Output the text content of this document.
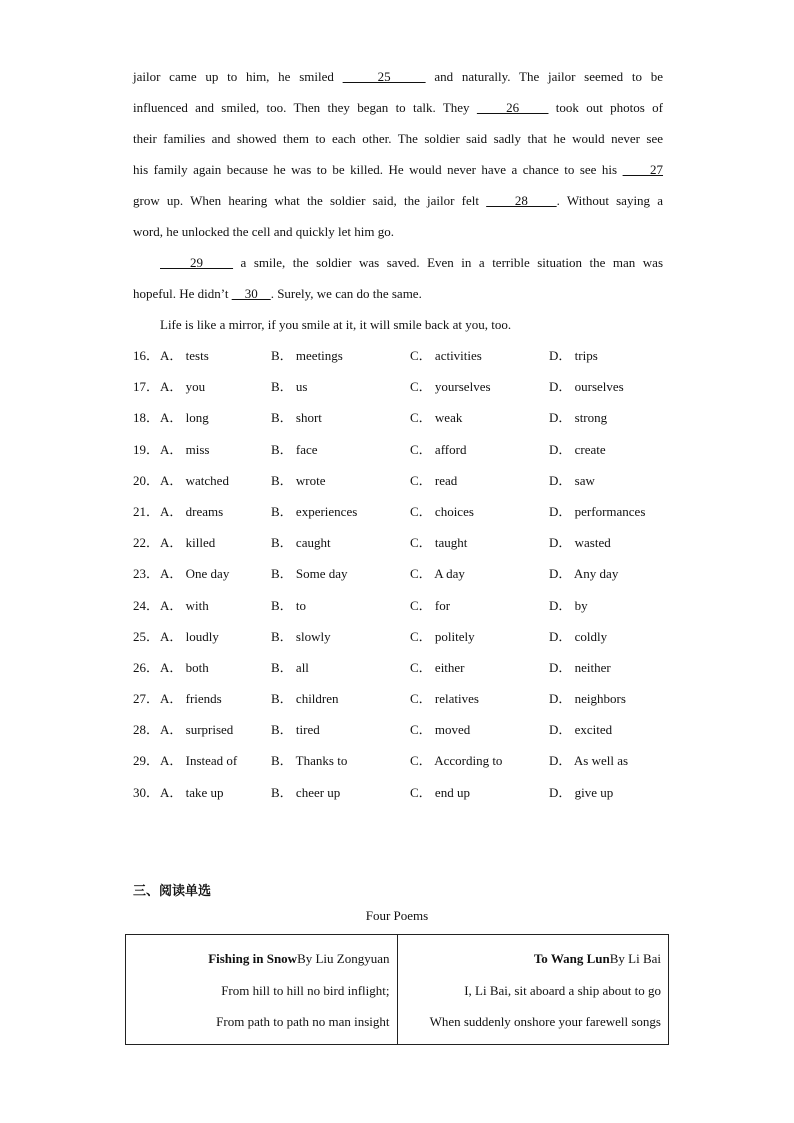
jailor came up to him, he smiled     25     and naturally. The jailor seemed to be
influenced and smiled, too. Then they began to talk. They     26     took out photos of
their families and showed them to each other. The soldier said sadly that he would never see
his family again because he was to be killed. He would never have a chance to see his      27
grow up. When hearing what the soldier said, the jailor felt     28    . Without saying a
word, he unlocked the cell and quickly let him go.
29     a smile, the soldier was saved. Even in a terrible situation the man was
hopeful. He didn’t     30    . Surely, we can do the same.
Life is like a mirror, if you smile at it, it will smile back at you, too.
16． A． tests	B． meetings	C． activities	D． trips
17． A． you	B． us	C． yourselves	D． ourselves
18． A． long	B． short	C． weak	D． strong
19． A． miss	B． face	C． afford	D． create
20． A． watched	B． wrote	C． read	D． saw
21． A． dreams	B． experiences	C． choices	D． performances
22． A． killed	B． caught	C． taught	D． wasted
23． A． One day	B． Some day	C． A day	D． Any day
24． A． with	B． to	C． for	D． by
25． A． loudly	B． slowly	C． politely	D． coldly
26． A． both	B． all	C． either	D． neither
27． A． friends	B． children	C． relatives	D． neighbors
28． A． surprised	B． tired	C． moved	D． excited
29． A． Instead of	B． Thanks to	C． According to	D． As well as
30． A． take up	B． cheer up	C． end up	D． give up
三、阅读单选
Four Poems
Fishing in SnowBy Liu Zongyuan
From hill to hill no bird inflight;
From path to path no man insight

To Wang LunBy Li Bai
I, Li Bai, sit aboard a ship about to go
When suddenly onshore your farewell songs
